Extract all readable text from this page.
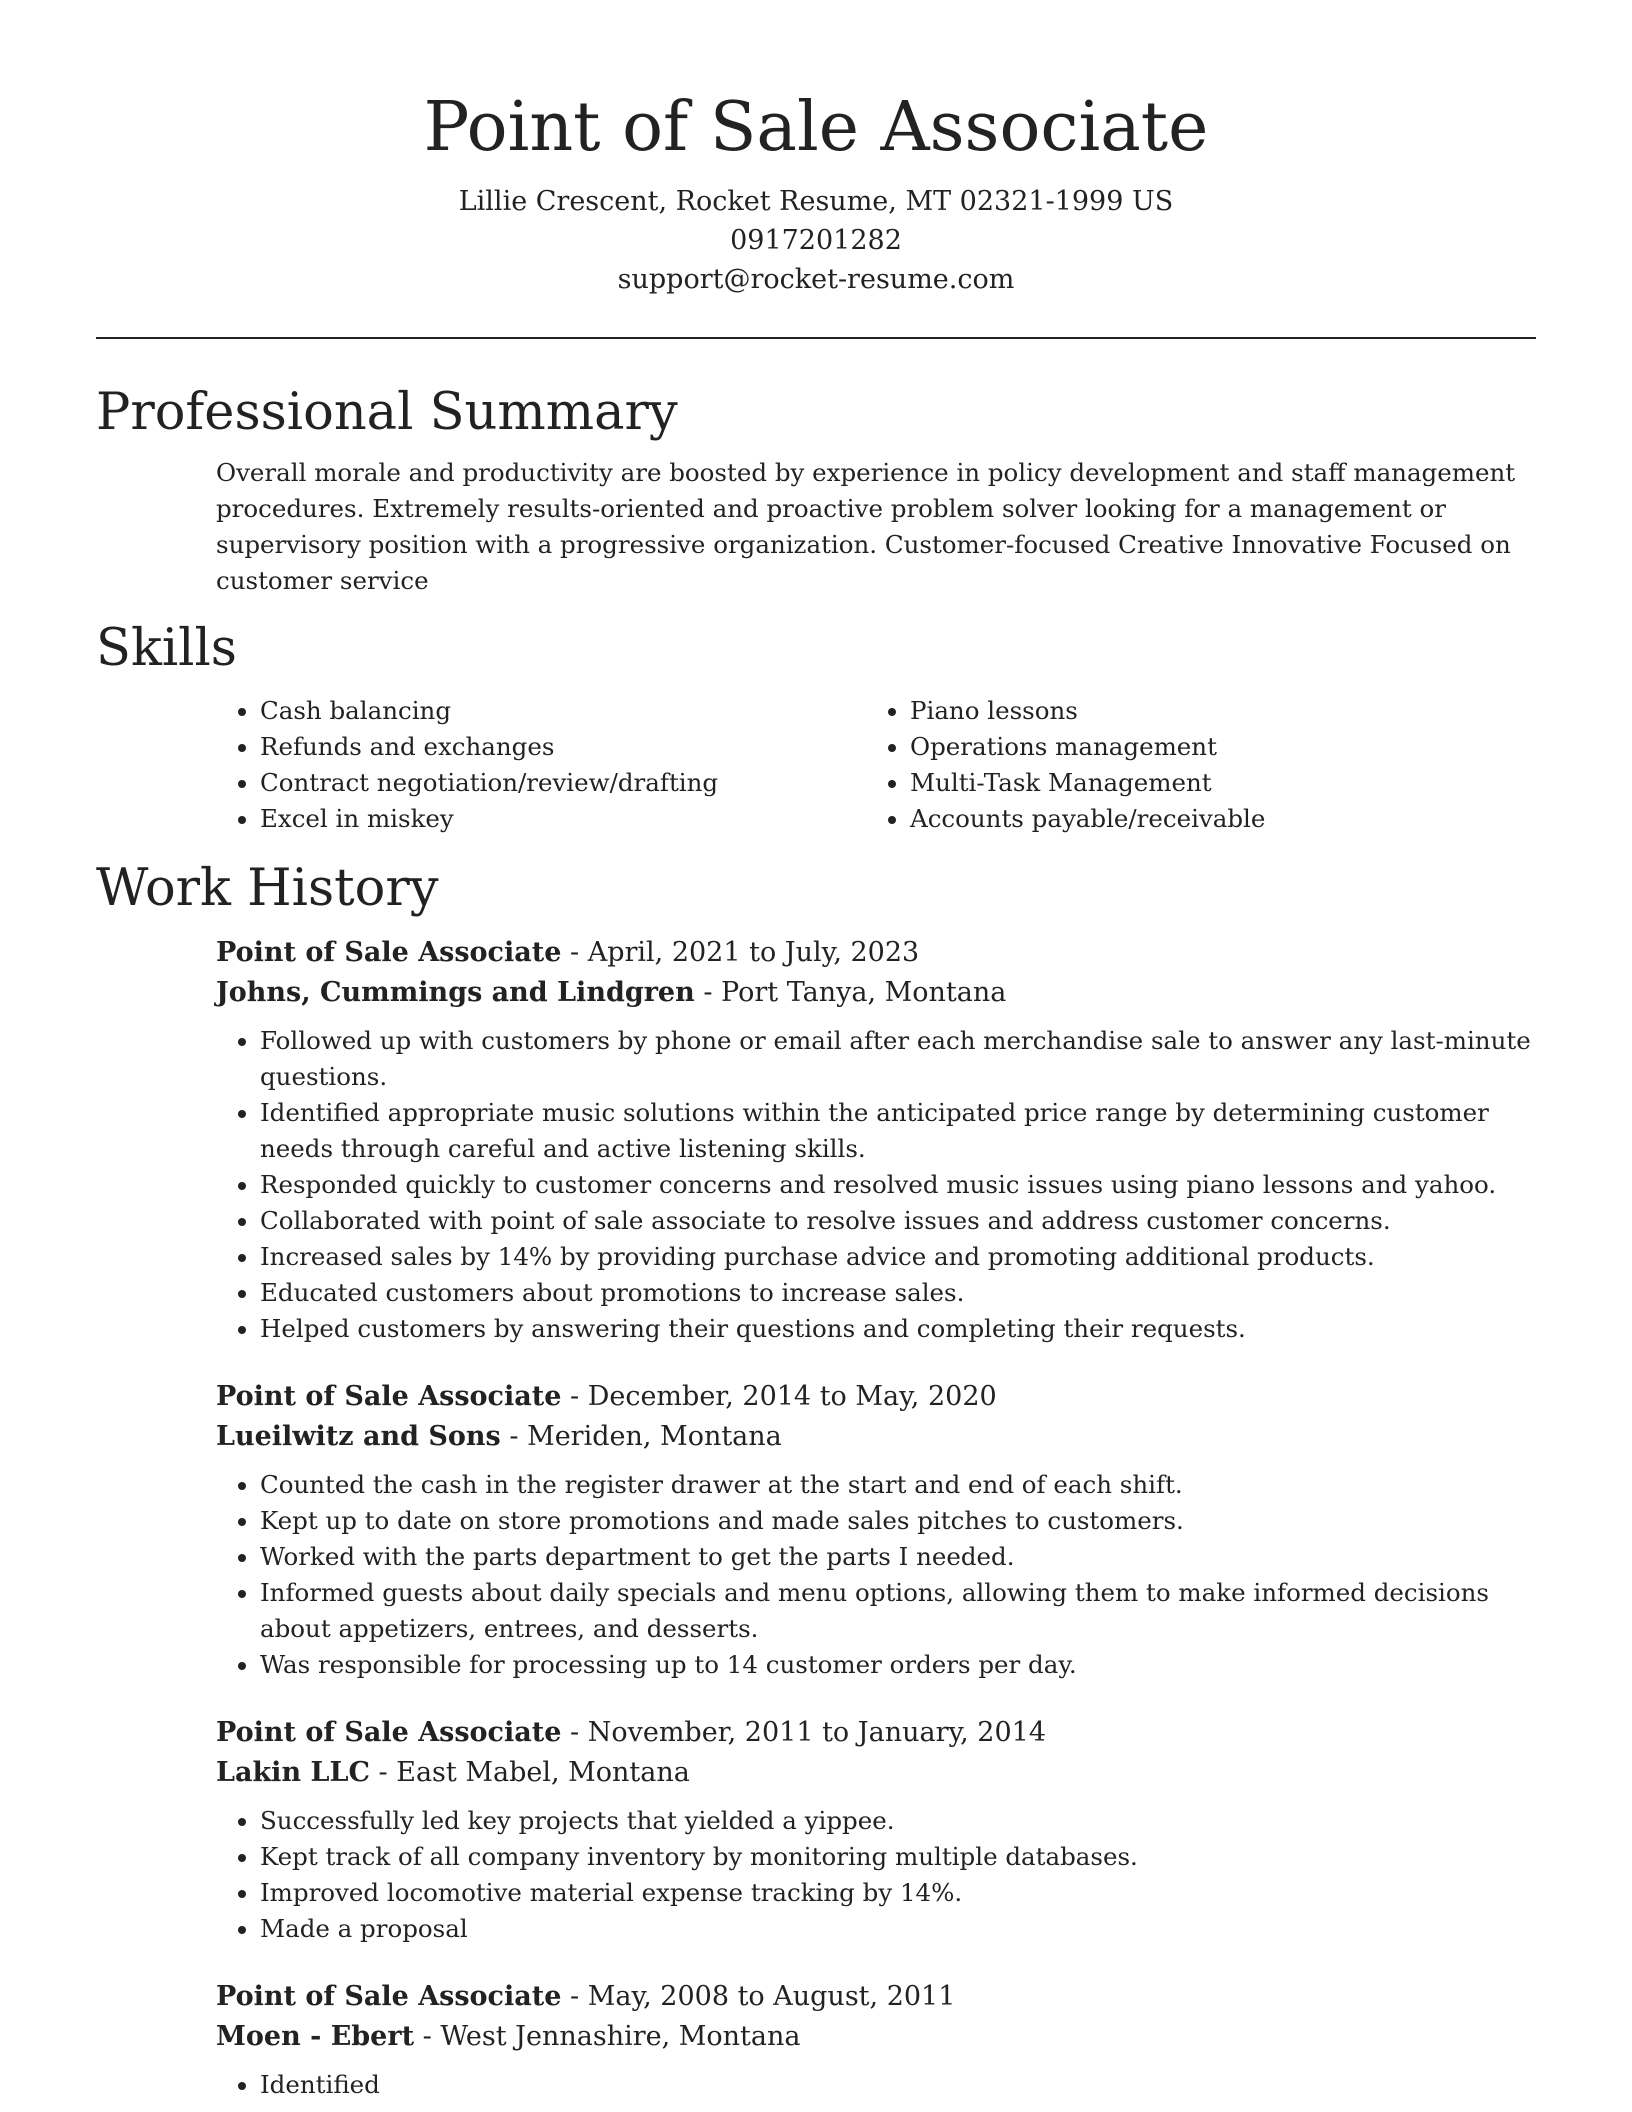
Point of Sale Associate
Lillie Crescent, Rocket Resume, MT 02321-1999 US
0917201282
support@rocket-resume.com
Professional Summary
Overall morale and productivity are boosted by experience in policy development and staff management procedures. Extremely results-oriented and proactive problem solver looking for a management or supervisory position with a progressive organization. Customer-focused Creative Innovative Focused on customer service
Skills
• Cash balancing
• Refunds and exchanges
• Contract negotiation/review/drafting
• Excel in miskey
• Piano lessons
• Operations management
• Multi-Task Management
• Accounts payable/receivable
Work History
Point of Sale Associate - April, 2021 to July, 2023
Johns, Cummings and Lindgren - Port Tanya, Montana
• Followed up with customers by phone or email after each merchandise sale to answer any last-minute questions.
• Identified appropriate music solutions within the anticipated price range by determining customer needs through careful and active listening skills.
• Responded quickly to customer concerns and resolved music issues using piano lessons and yahoo.
• Collaborated with point of sale associate to resolve issues and address customer concerns.
• Increased sales by 14% by providing purchase advice and promoting additional products.
• Educated customers about promotions to increase sales.
• Helped customers by answering their questions and completing their requests.
Point of Sale Associate - December, 2014 to May, 2020
Lueilwitz and Sons - Meriden, Montana
• Counted the cash in the register drawer at the start and end of each shift.
• Kept up to date on store promotions and made sales pitches to customers.
• Worked with the parts department to get the parts I needed.
• Informed guests about daily specials and menu options, allowing them to make informed decisions about appetizers, entrees, and desserts.
• Was responsible for processing up to 14 customer orders per day.
Point of Sale Associate - November, 2011 to January, 2014
Lakin LLC - East Mabel, Montana
• Successfully led key projects that yielded a yippee.
• Kept track of all company inventory by monitoring multiple databases.
• Improved locomotive material expense tracking by 14%.
• Made a proposal
Point of Sale Associate - May, 2008 to August, 2011
Moen - Ebert - West Jennashire, Montana
• Identified
